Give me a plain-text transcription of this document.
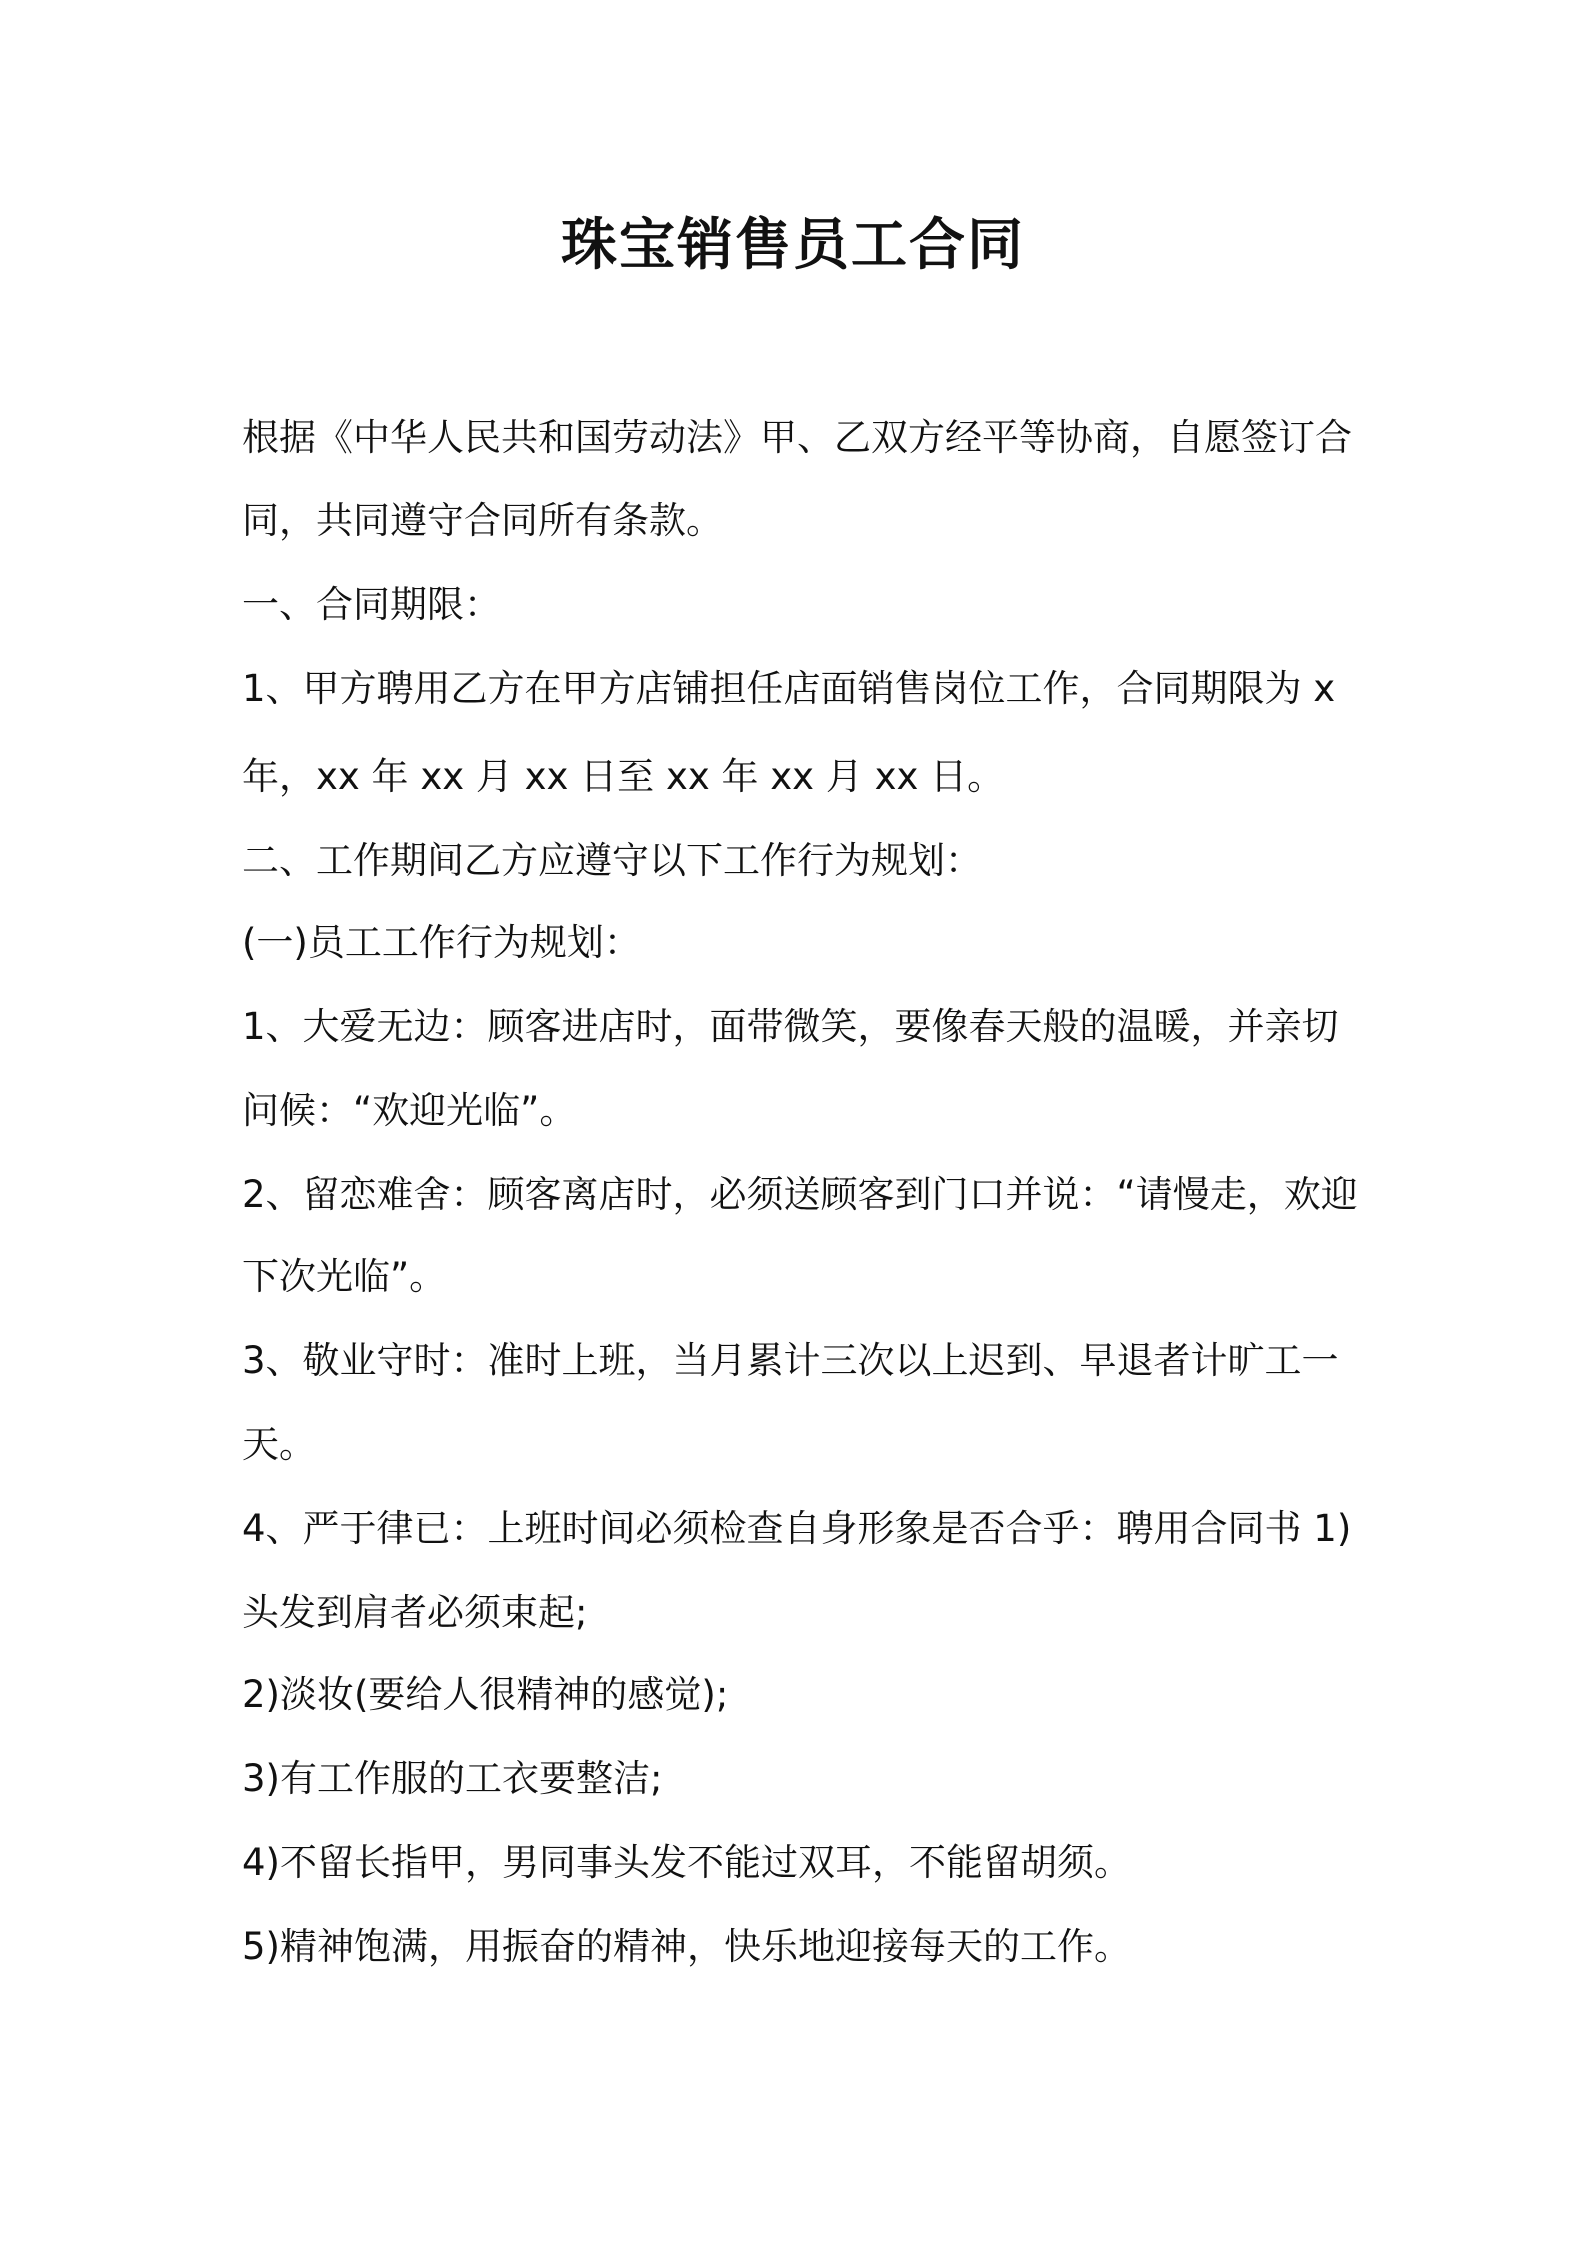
珠宝销售员工合同

根据《中华人民共和国劳动法》甲、乙双方经平等协商，自愿签订合

同，共同遵守合同所有条款。

一、合同期限：

1、甲方聘用乙方在甲方店铺担任店面销售岗位工作，合同期限为 x

年，xx 年 xx 月 xx 日至 xx 年 xx 月 xx 日。

二、工作期间乙方应遵守以下工作行为规划：

(一)员工工作行为规划：

1、大爱无边：顾客进店时，面带微笑，要像春天般的温暖，并亲切

问候：“欢迎光临”。

2、留恋难舍：顾客离店时，必须送顾客到门口并说：“请慢走，欢迎

下次光临”。

3、敬业守时：准时上班，当月累计三次以上迟到、早退者计旷工一

天。

4、严于律已：上班时间必须检查自身形象是否合乎：聘用合同书 1)

头发到肩者必须束起;

2)淡妆(要给人很精神的感觉);

3)有工作服的工衣要整洁;

4)不留长指甲，男同事头发不能过双耳，不能留胡须。

5)精神饱满，用振奋的精神，快乐地迎接每天的工作。
